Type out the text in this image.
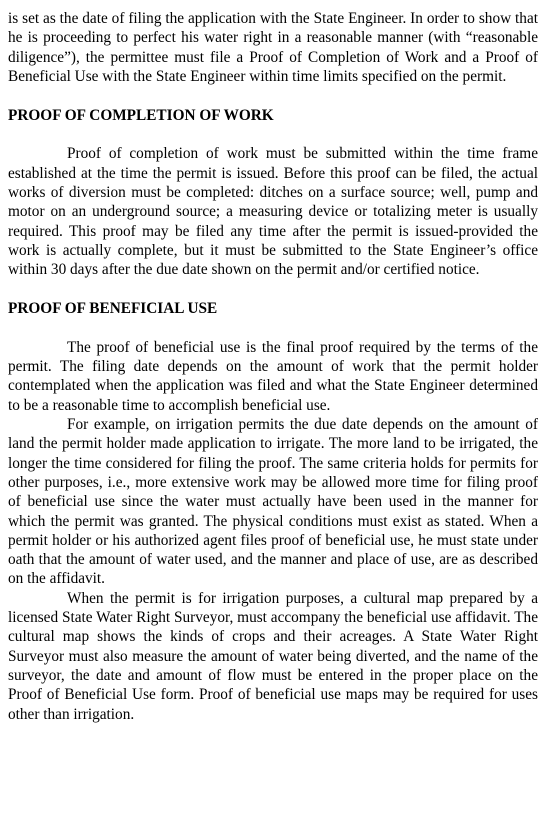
is set as the date of filing the application with the State Engineer. In order to show that he is proceeding to perfect his water right in a reasonable manner (with “reasonable diligence”), the permittee must file a Proof of Completion of Work and a Proof of Beneficial Use with the State Engineer within time limits specified on the permit.

PROOF OF COMPLETION OF WORK

Proof of completion of work must be submitted within the time frame established at the time the permit is issued. Before this proof can be filed, the actual works of diversion must be completed: ditches on a surface source; well, pump and motor on an underground source; a measuring device or totalizing meter is usually required. This proof may be filed any time after the permit is issued-provided the work is actually complete, but it must be submitted to the State Engineer’s office within 30 days after the due date shown on the permit and/or certified notice.

PROOF OF BENEFICIAL USE

The proof of beneficial use is the final proof required by the terms of the permit. The filing date depends on the amount of work that the permit holder contemplated when the application was filed and what the State Engineer determined to be a reasonable time to accomplish beneficial use.

For example, on irrigation permits the due date depends on the amount of land the permit holder made application to irrigate. The more land to be irrigated, the longer the time considered for filing the proof. The same criteria holds for permits for other purposes, i.e., more extensive work may be allowed more time for filing proof of beneficial use since the water must actually have been used in the manner for which the permit was granted. The physical conditions must exist as stated. When a permit holder or his authorized agent files proof of beneficial use, he must state under oath that the amount of water used, and the manner and place of use, are as described on the affidavit.

When the permit is for irrigation purposes, a cultural map prepared by a licensed State Water Right Surveyor, must accompany the beneficial use affidavit. The cultural map shows the kinds of crops and their acreages. A State Water Right Surveyor must also measure the amount of water being diverted, and the name of the surveyor, the date and amount of flow must be entered in the proper place on the Proof of Beneficial Use form. Proof of beneficial use maps may be required for uses other than irrigation.
